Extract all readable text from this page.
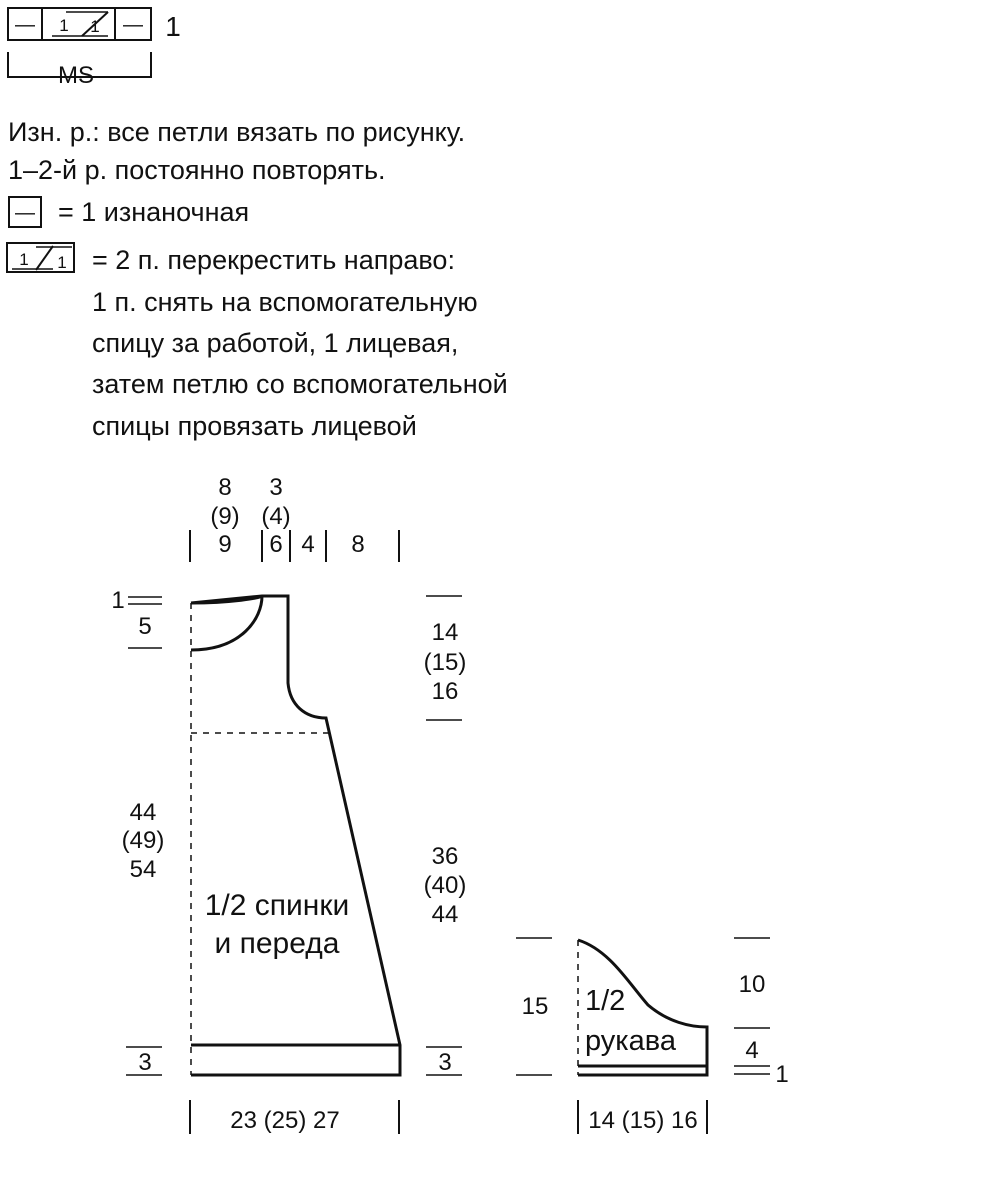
— 1 1 — 1
MS
Изн. р.: все петли вязать по рисунку.
1–2-й р. постоянно повторять.
— = 1 изнаночная
1 1 = 2 п. перекрестить направо:
1 п. снять на вспомогательную
спицу за работой, 1 лицевая,
затем петлю со вспомогательной
спицы провязать лицевой
8
(9)
9
3
(4)
6 4 8
1
5
44
(49)
54
3
14
(15)
16
36
(40)
44
3
23 (25) 27
15
10
4
1
14 (15) 16
1/2 спинки
и переда
1/2
рукава
